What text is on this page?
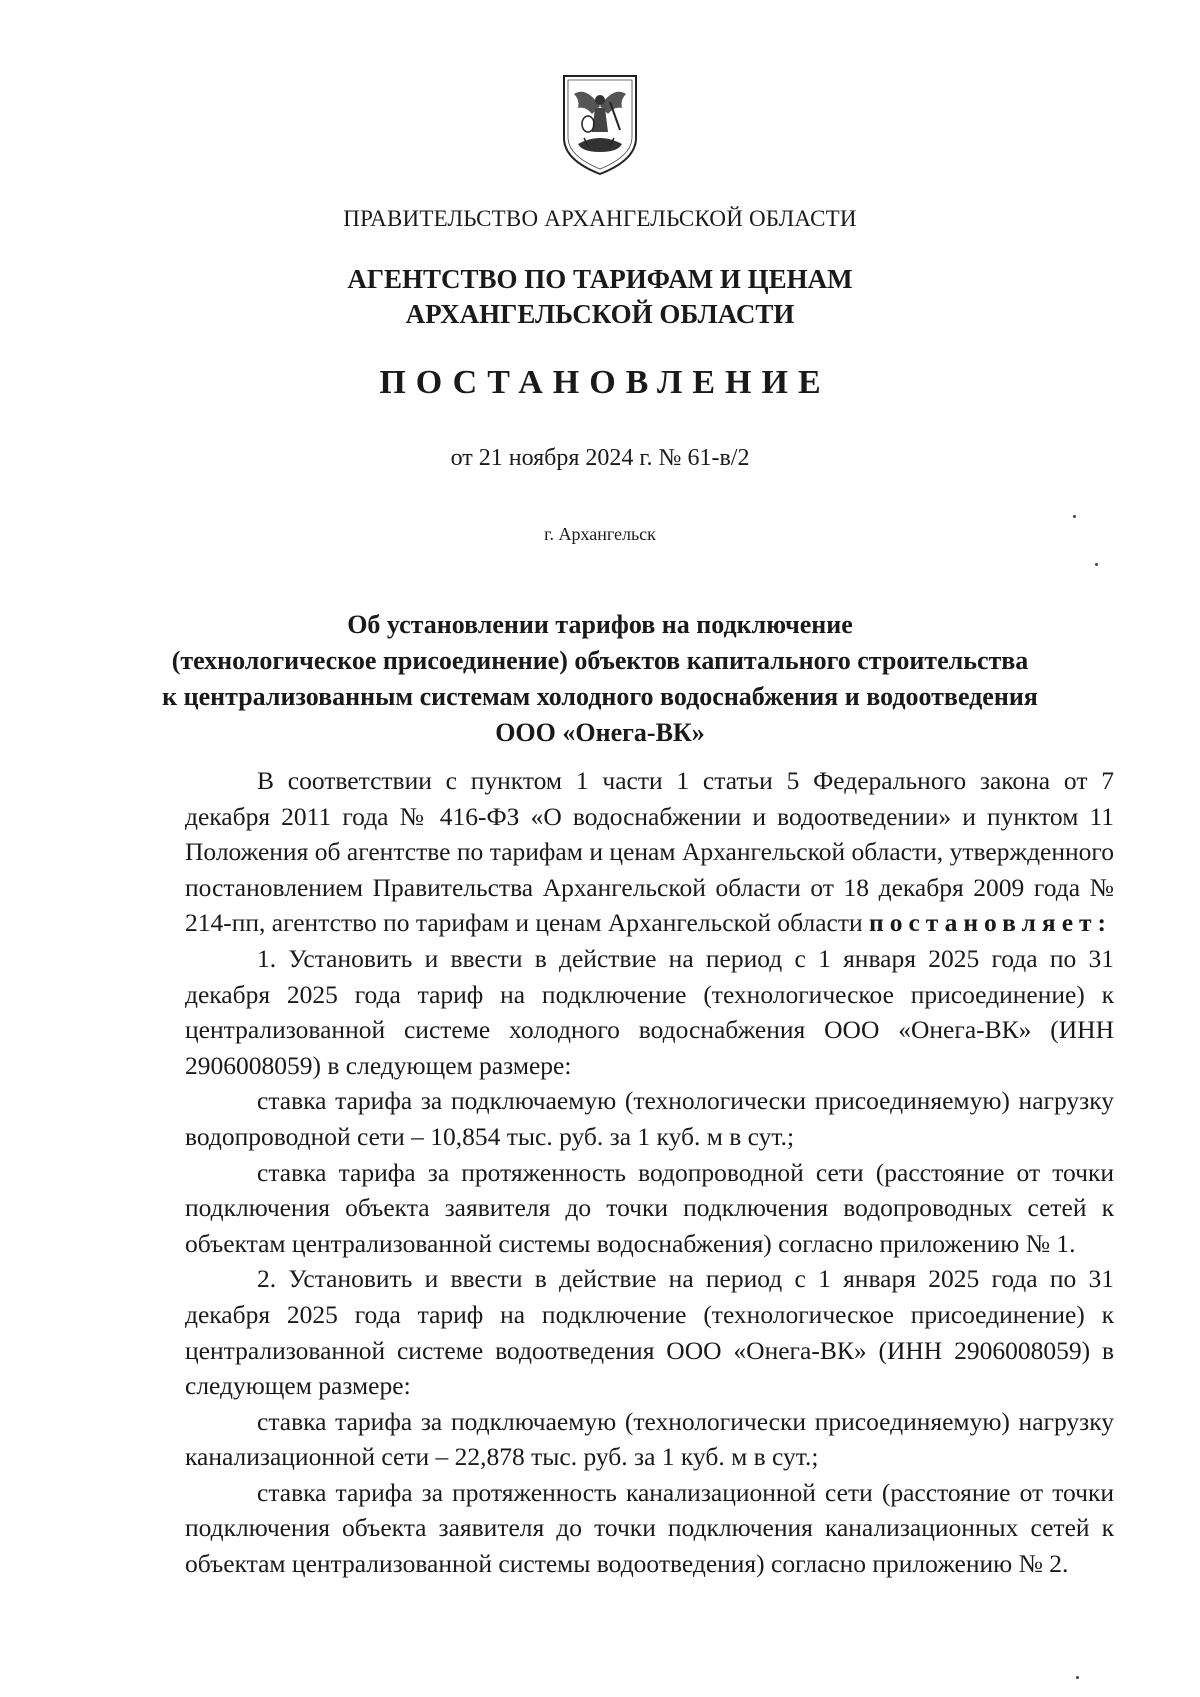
ПРАВИТЕЛЬСТВО АРХАНГЕЛЬСКОЙ ОБЛАСТИ
АГЕНТСТВО ПО ТАРИФАМ И ЦЕНАМ
АРХАНГЕЛЬСКОЙ ОБЛАСТИ
ПОСТАНОВЛЕНИЕ
от 21 ноября 2024 г. № 61-в/2
г. Архангельск
Об установлении тарифов на подключение
(технологическое присоединение) объектов капитального строительства
к централизованным системам холодного водоснабжения и водоотведения
ООО «Онега-ВК»

В соответствии с пунктом 1 части 1 статьи 5 Федерального закона от 7 декабря 2011 года № 416-ФЗ «О водоснабжении и водоотведении» и пунктом 11 Положения об агентстве по тарифам и ценам Архангельской области, утвержденного постановлением Правительства Архангельской области от 18 декабря 2009 года № 214-пп, агентство по тарифам и ценам Архангельской области постановляет:

1. Установить и ввести в действие на период с 1 января 2025 года по 31 декабря 2025 года тариф на подключение (технологическое присоединение) к централизованной системе холодного водоснабжения ООО «Онега-ВК» (ИНН 2906008059) в следующем размере:

ставка тарифа за подключаемую (технологически присоединяемую) нагрузку водопроводной сети – 10,854 тыс. руб. за 1 куб. м в сут.;

ставка тарифа за протяженность водопроводной сети (расстояние от точки подключения объекта заявителя до точки подключения водопроводных сетей к объектам централизованной системы водоснабжения) согласно приложению № 1.

2. Установить и ввести в действие на период с 1 января 2025 года по 31 декабря 2025 года тариф на подключение (технологическое присоединение) к централизованной системе водоотведения ООО «Онега-ВК» (ИНН 2906008059) в следующем размере:

ставка тарифа за подключаемую (технологически присоединяемую) нагрузку канализационной сети – 22,878 тыс. руб. за 1 куб. м в сут.;

ставка тарифа за протяженность канализационной сети (расстояние от точки подключения объекта заявителя до точки подключения канализационных сетей к объектам централизованной системы водоотведения) согласно приложению № 2.
